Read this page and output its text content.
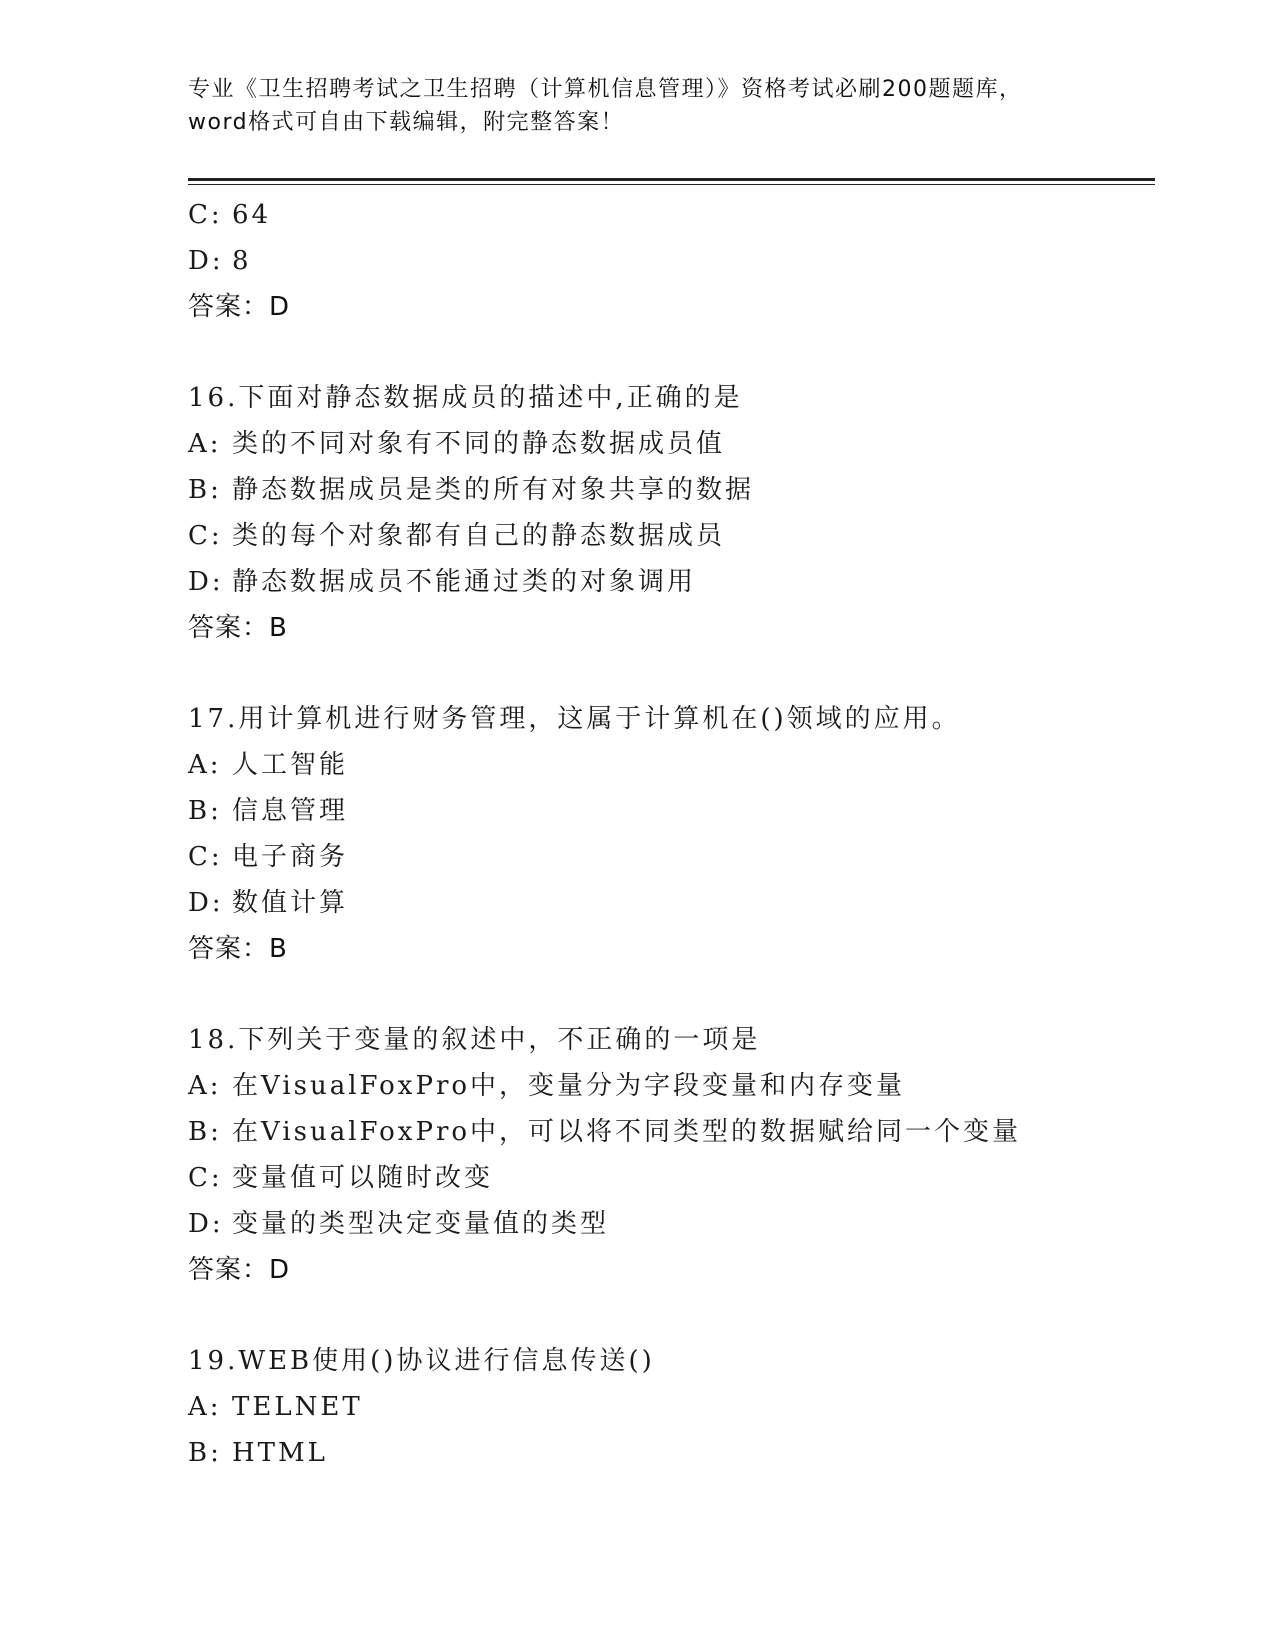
专业《卫生招聘考试之卫生招聘（计算机信息管理）》资格考试必刷200题题库，
word格式可自由下载编辑，附完整答案！
C: 64
D: 8
答案：D
16.下面对静态数据成员的描述中,正确的是
A: 类的不同对象有不同的静态数据成员值
B: 静态数据成员是类的所有对象共享的数据
C: 类的每个对象都有自己的静态数据成员
D: 静态数据成员不能通过类的对象调用
答案：B
17.用计算机进行财务管理，这属于计算机在()领域的应用。
A: 人工智能
B: 信息管理
C: 电子商务
D: 数值计算
答案：B
18.下列关于变量的叙述中，不正确的一项是
A: 在VisualFoxPro中，变量分为字段变量和内存变量
B: 在VisualFoxPro中，可以将不同类型的数据赋给同一个变量
C: 变量值可以随时改变
D: 变量的类型决定变量值的类型
答案：D
19.WEB使用()协议进行信息传送()
A: TELNET
B: HTML
